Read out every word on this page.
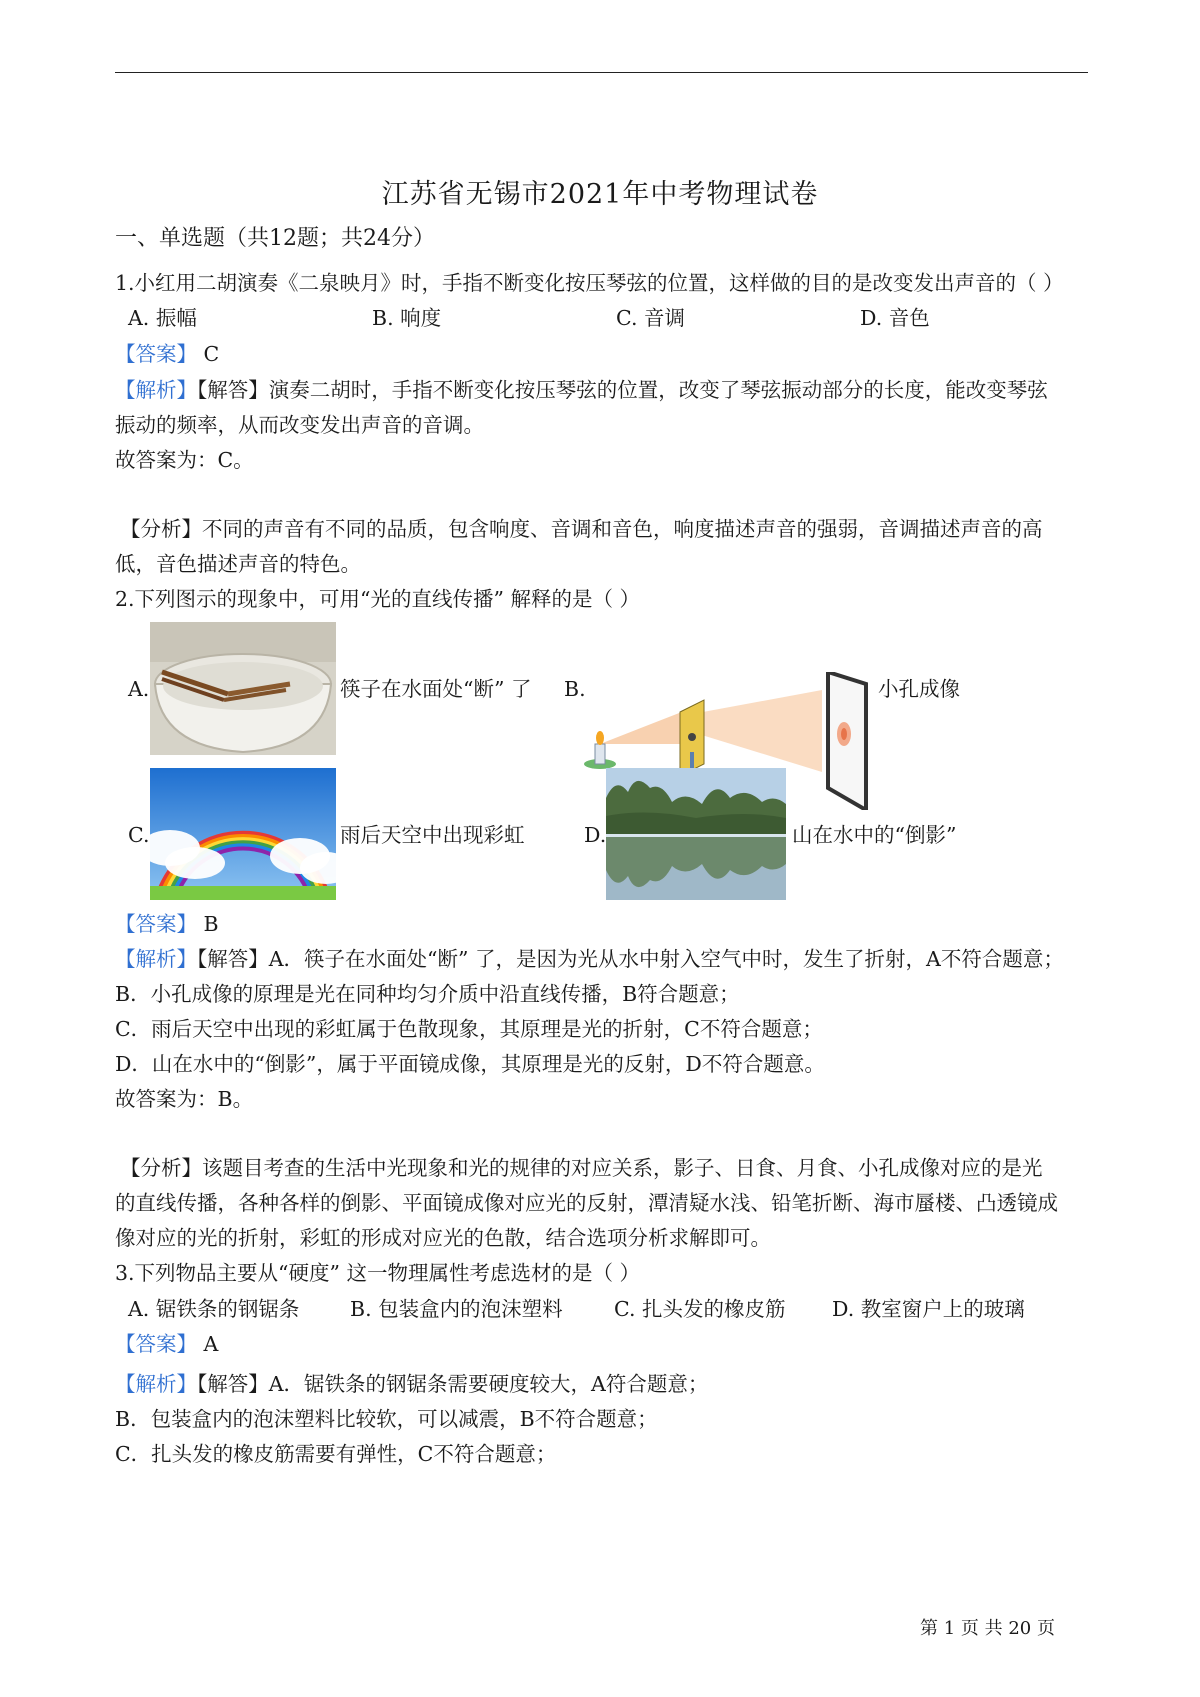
江苏省无锡市2021年中考物理试卷
一、单选题（共12题；共24分）
1.小红用二胡演奏《二泉映月》时，手指不断变化按压琴弦的位置，这样做的目的是改变发出声音的（ ）
A. 振幅	B. 响度	C. 音调	D. 音色
【答案】 C
【解析】【解答】演奏二胡时，手指不断变化按压琴弦的位置，改变了琴弦振动部分的长度，能改变琴弦
振动的频率，从而改变发出声音的音调。
故答案为：C。
【分析】不同的声音有不同的品质，包含响度、音调和音色，响度描述声音的强弱，音调描述声音的高
低，音色描述声音的特色。
2.下列图示的现象中，可用“光的直线传播” 解释的是（ ）
A.	筷子在水面处“断” 了 B.	小孔成像
C.	雨后天空中出现彩虹	D.	山在水中的“倒影”
【答案】 B
【解析】【解答】A．筷子在水面处“断” 了，是因为光从水中射入空气中时，发生了折射，A不符合题意；
B．小孔成像的原理是光在同种均匀介质中沿直线传播，B符合题意；
C．雨后天空中出现的彩虹属于色散现象，其原理是光的折射，C不符合题意；
D．山在水中的“倒影”，属于平面镜成像，其原理是光的反射，D不符合题意。
故答案为：B。
【分析】该题目考查的生活中光现象和光的规律的对应关系，影子、日食、月食、小孔成像对应的是光
的直线传播，各种各样的倒影、平面镜成像对应光的反射，潭清疑水浅、铅笔折断、海市蜃楼、凸透镜成
像对应的光的折射，彩虹的形成对应光的色散，结合选项分析求解即可。
3.下列物品主要从“硬度” 这一物理属性考虑选材的是（ ）
A. 锯铁条的钢锯条 B. 包装盒内的泡沫塑料	C. 扎头发的橡皮筋 D. 教室窗户上的玻璃
【答案】 A
【解析】【解答】A．锯铁条的钢锯条需要硬度较大，A符合题意；
B．包装盒内的泡沫塑料比较软，可以减震，B不符合题意；
C．扎头发的橡皮筋需要有弹性，C不符合题意；
第 1 页 共 20 页
